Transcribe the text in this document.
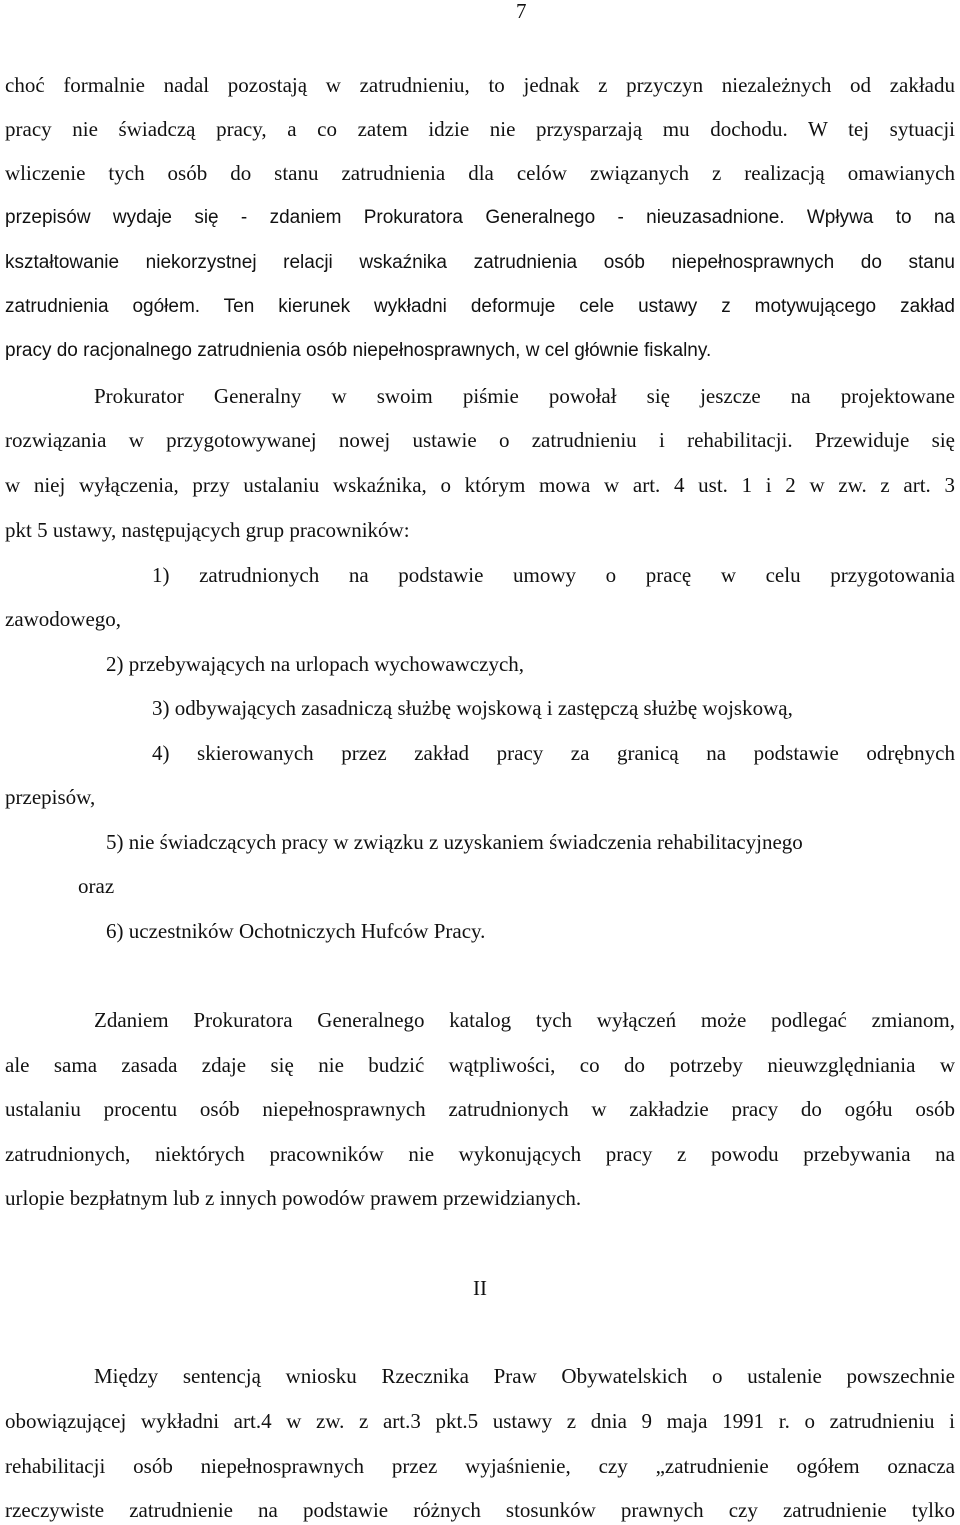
7
choć formalnie nadal pozostają w zatrudnieniu, to jednak z przyczyn niezależnych od zakładu
pracy nie świadczą pracy, a co zatem idzie nie przysparzają mu dochodu. W tej sytuacji
wliczenie tych osób do stanu zatrudnienia dla celów związanych z realizacją omawianych
przepisów wydaje się - zdaniem Prokuratora Generalnego - nieuzasadnione. Wpływa to na
kształtowanie niekorzystnej relacji wskaźnika zatrudnienia osób niepełnosprawnych do stanu
zatrudnienia ogółem. Ten kierunek wykładni deformuje cele ustawy z motywującego zakład
pracy do racjonalnego zatrudnienia osób niepełnosprawnych, w cel głównie fiskalny.
Prokurator Generalny w swoim piśmie powołał się jeszcze na projektowane
rozwiązania w przygotowywanej nowej ustawie o zatrudnieniu i rehabilitacji. Przewiduje się
w niej wyłączenia, przy ustalaniu wskaźnika, o którym mowa w art. 4 ust. 1 i 2 w zw. z art. 3
pkt 5 ustawy, następujących grup pracowników:
1) zatrudnionych na podstawie umowy o pracę w celu przygotowania
zawodowego,
2) przebywających na urlopach wychowawczych,
3) odbywających zasadniczą służbę wojskową i zastępczą służbę wojskową,
4) skierowanych przez zakład pracy za granicą na podstawie odrębnych
przepisów,
5) nie świadczących pracy w związku z uzyskaniem świadczenia rehabilitacyjnego
oraz
6) uczestników Ochotniczych Hufców Pracy.
Zdaniem Prokuratora Generalnego katalog tych wyłączeń może podlegać zmianom,
ale sama zasada zdaje się nie budzić wątpliwości, co do potrzeby nieuwzględniania w
ustalaniu procentu osób niepełnosprawnych zatrudnionych w zakładzie pracy do ogółu osób
zatrudnionych, niektórych pracowników nie wykonujących pracy z powodu przebywania na
urlopie bezpłatnym lub z innych powodów prawem przewidzianych.
II
Między sentencją wniosku Rzecznika Praw Obywatelskich o ustalenie powszechnie
obowiązującej wykładni art.4 w zw. z art.3 pkt.5 ustawy z dnia 9 maja 1991 r. o zatrudnieniu i
rehabilitacji osób niepełnosprawnych przez wyjaśnienie, czy „zatrudnienie ogółem oznacza
rzeczywiste zatrudnienie na podstawie różnych stosunków prawnych czy zatrudnienie tylko
